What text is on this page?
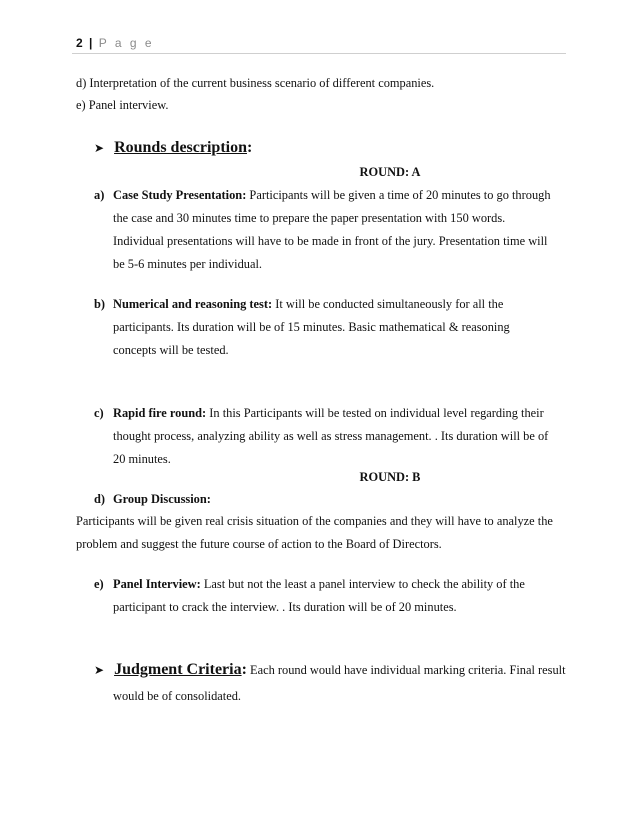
2 | P a g e
d) Interpretation of the current business scenario of different companies.
e) Panel interview.
➤ Rounds description:
ROUND: A
a) Case Study Presentation: Participants will be given a time of 20 minutes to go through
the case and 30 minutes time to prepare the paper presentation with 150 words.
Individual presentations will have to be made in front of the jury. Presentation time will
be 5-6 minutes per individual.
b) Numerical and reasoning test: It will be conducted simultaneously for all the
participants. Its duration will be of 15 minutes. Basic mathematical & reasoning
concepts will be tested.
c) Rapid fire round: In this Participants will be tested on individual level regarding their
thought process, analyzing ability as well as stress management. . Its duration will be of
20 minutes.
ROUND: B
d) Group Discussion:
Participants will be given real crisis situation of the companies and they will have to analyze the
problem and suggest the future course of action to the Board of Directors.
e) Panel Interview: Last but not the least a panel interview to check the ability of the
participant to crack the interview. . Its duration will be of 20 minutes.
➤ Judgment Criteria: Each round would have individual marking criteria. Final result
would be of consolidated.
